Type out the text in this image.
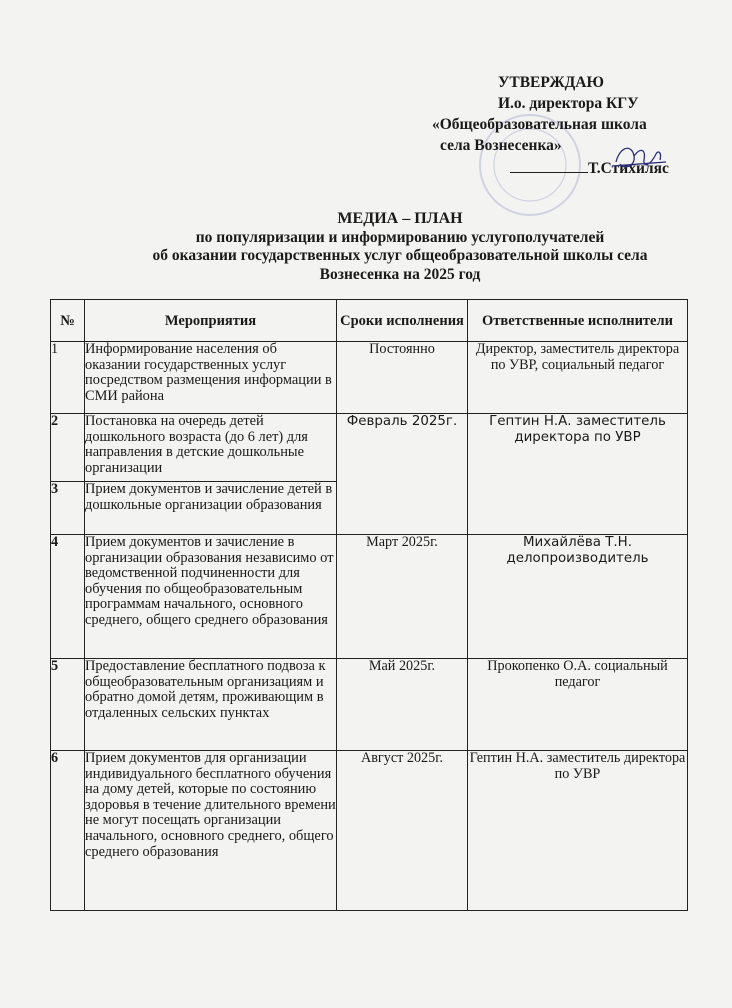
УТВЕРЖДАЮ
И.о. директора КГУ
«Общеобразовательная школа
села Вознесенка»
Т.Стихиляс
МЕДИА – ПЛАН
по популяризации и информированию услугополучателей
об оказании государственных услуг общеобразовательной школы села
Вознесенка на 2025 год
№	Мероприятия	Сроки исполнения	Ответственные исполнители
1	Информирование населения об оказании государственных услуг посредством размещения информации в СМИ района	Постоянно	Директор, заместитель директора по УВР, социальный педагог
2	Постановка на очередь детей дошкольного возраста (до 6 лет) для направления в детские дошкольные организации	Февраль 2025г.	Гептин Н.А. заместитель директора по УВР
3	Прием документов и зачисление детей в дошкольные организации образования		
4	Прием документов и зачисление в организации образования независимо от ведомственной подчиненности для обучения по общеобразовательным программам начального, основного среднего, общего среднего образования	Март 2025г.	Михайлёва Т.Н. делопроизводитель
5	Предоставление бесплатного подвоза к общеобразовательным организациям и обратно домой детям, проживающим в отдаленных сельских пунктах	Май 2025г.	Прокопенко О.А. социальный педагог
6	Прием документов для организации индивидуального бесплатного обучения на дому детей, которые по состоянию здоровья в течение длительного времени не могут посещать организации начального, основного среднего, общего среднего образования	Август 2025г.	Гептин Н.А. заместитель директора по УВР
